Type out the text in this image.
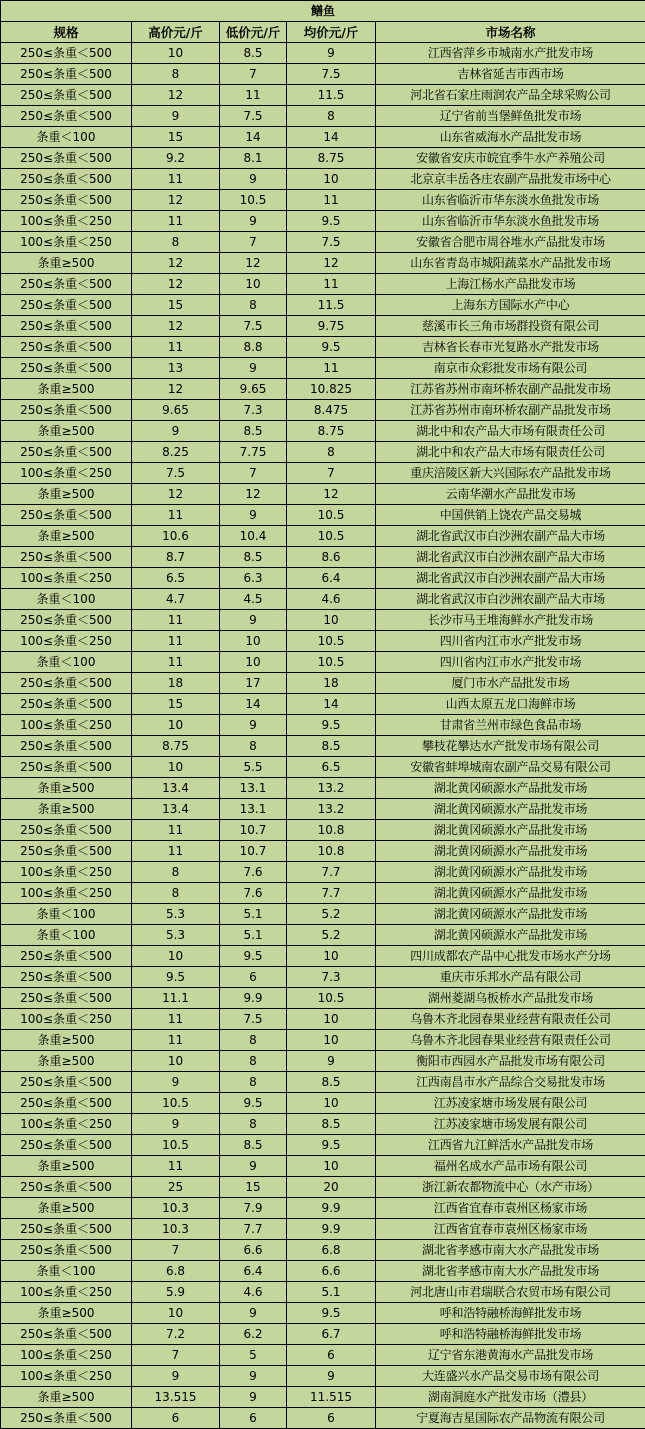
鳝鱼				
规格	高价元/斤	低价元/斤	均价元/斤	市场名称
250≤条重＜500	10	8.5	9	江西省萍乡市城南水产批发市场
250≤条重＜500	8	7	7.5	吉林省延吉市西市场
250≤条重＜500	12	11	11.5	河北省石家庄雨润农产品全球采购公司
250≤条重＜500	9	7.5	8	辽宁省前当堡鲜鱼批发市场
条重＜100	15	14	14	山东省威海水产品批发市场
250≤条重＜500	9.2	8.1	8.75	安徽省安庆市皖宜季牛水产养殖公司
250≤条重＜500	11	9	10	北京京丰岳各庄农副产品批发市场中心
250≤条重＜500	12	10.5	11	山东省临沂市华东淡水鱼批发市场
100≤条重＜250	11	9	9.5	山东省临沂市华东淡水鱼批发市场
100≤条重＜250	8	7	7.5	安徽省合肥市周谷堆水产品批发市场
条重≥500	12	12	12	山东省青岛市城阳蔬菜水产品批发市场
250≤条重＜500	12	10	11	上海江杨水产品批发市场
250≤条重＜500	15	8	11.5	上海东方国际水产中心
250≤条重＜500	12	7.5	9.75	慈溪市长三角市场群投资有限公司
250≤条重＜500	11	8.8	9.5	吉林省长春市光复路水产批发市场
250≤条重＜500	13	9	11	南京市众彩批发市场有限公司
条重≥500	12	9.65	10.825	江苏省苏州市南环桥农副产品批发市场
250≤条重＜500	9.65	7.3	8.475	江苏省苏州市南环桥农副产品批发市场
条重≥500	9	8.5	8.75	湖北中和农产品大市场有限责任公司
250≤条重＜500	8.25	7.75	8	湖北中和农产品大市场有限责任公司
100≤条重＜250	7.5	7	7	重庆涪陵区新大兴国际农产品批发市场
条重≥500	12	12	12	云南华潮水产品批发市场
250≤条重＜500	11	9	10.5	中国供销上饶农产品交易城
条重≥500	10.6	10.4	10.5	湖北省武汉市白沙洲农副产品大市场
250≤条重＜500	8.7	8.5	8.6	湖北省武汉市白沙洲农副产品大市场
100≤条重＜250	6.5	6.3	6.4	湖北省武汉市白沙洲农副产品大市场
条重＜100	4.7	4.5	4.6	湖北省武汉市白沙洲农副产品大市场
250≤条重＜500	11	9	10	长沙市马王堆海鲜水产批发市场
100≤条重＜250	11	10	10.5	四川省内江市水产批发市场
条重＜100	11	10	10.5	四川省内江市水产批发市场
250≤条重＜500	18	17	18	厦门市水产品批发市场
250≤条重＜500	15	14	14	山西太原五龙口海鲜市场
100≤条重＜250	10	9	9.5	甘肃省兰州市绿色食品市场
250≤条重＜500	8.75	8	8.5	攀枝花攀达水产批发市场有限公司
250≤条重＜500	10	5.5	6.5	安徽省蚌埠城南农副产品交易有限公司
条重≥500	13.4	13.1	13.2	湖北黄冈硕源水产品批发市场
条重≥500	13.4	13.1	13.2	湖北黄冈硕源水产品批发市场
250≤条重＜500	11	10.7	10.8	湖北黄冈硕源水产品批发市场
250≤条重＜500	11	10.7	10.8	湖北黄冈硕源水产品批发市场
100≤条重＜250	8	7.6	7.7	湖北黄冈硕源水产品批发市场
100≤条重＜250	8	7.6	7.7	湖北黄冈硕源水产品批发市场
条重＜100	5.3	5.1	5.2	湖北黄冈硕源水产品批发市场
条重＜100	5.3	5.1	5.2	湖北黄冈硕源水产品批发市场
250≤条重＜500	10	9.5	10	四川成都农产品中心批发市场水产分场
250≤条重＜500	9.5	6	7.3	重庆市乐邦水产品有限公司
250≤条重＜500	11.1	9.9	10.5	湖州菱湖乌板桥水产品批发市场
100≤条重＜250	11	7.5	10	乌鲁木齐北园春果业经营有限责任公司
条重≥500	11	8	10	乌鲁木齐北园春果业经营有限责任公司
条重≥500	10	8	9	衡阳市西园水产品批发市场有限公司
250≤条重＜500	9	8	8.5	江西南昌市水产品综合交易批发市场
250≤条重＜500	10.5	9.5	10	江苏凌家塘市场发展有限公司
100≤条重＜250	9	8	8.5	江苏凌家塘市场发展有限公司
250≤条重＜500	10.5	8.5	9.5	江西省九江鲜活水产品批发市场
条重≥500	11	9	10	福州名成水产品市场有限公司
250≤条重＜500	25	15	20	浙江新农都物流中心（水产市场）
条重≥500	10.3	7.9	9.9	江西省宜春市袁州区杨家市场
250≤条重＜500	10.3	7.7	9.9	江西省宜春市袁州区杨家市场
250≤条重＜500	7	6.6	6.8	湖北省孝感市南大水产品批发市场
条重＜100	6.8	6.4	6.6	湖北省孝感市南大水产品批发市场
100≤条重＜250	5.9	4.6	5.1	河北唐山市君瑞联合农贸市场有限公司
条重≥500	10	9	9.5	呼和浩特融桥海鲜批发市场
250≤条重＜500	7.2	6.2	6.7	呼和浩特融桥海鲜批发市场
100≤条重＜250	7	5	6	辽宁省东港黄海水产品批发市场
100≤条重＜250	9	9	9	大连盛兴水产品交易市场有限公司
条重≥500	13.515	9	11.515	湖南洞庭水产批发市场（澧县）
250≤条重＜500	6	6	6	宁夏海吉星国际农产品物流有限公司
